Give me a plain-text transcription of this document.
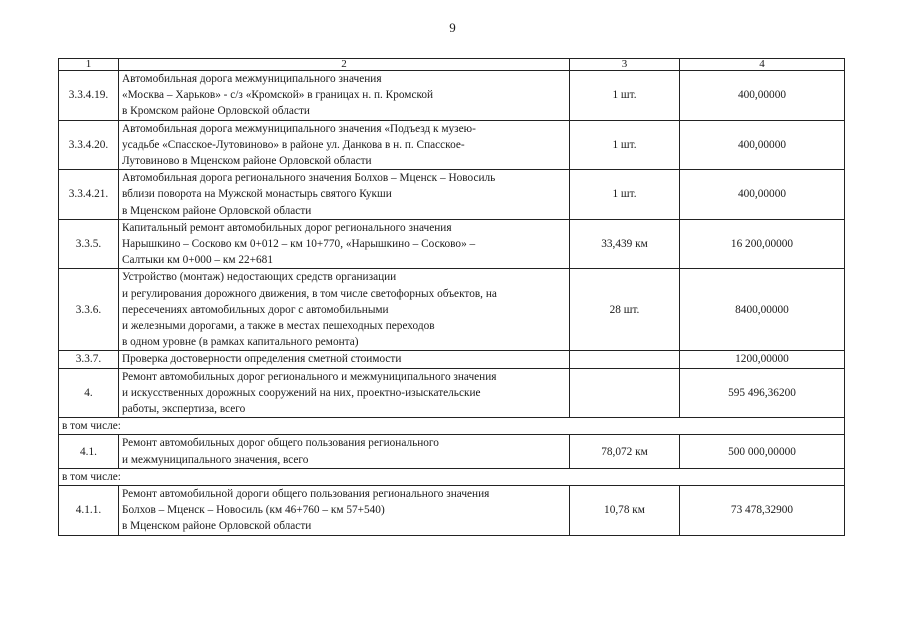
9
1	2	3	4
3.3.4.19.	Автомобильная дорога межмуниципального значения
«Москва – Харьков» - с/з «Кромской» в границах н. п. Кромской
в Кромском районе Орловской области	1 шт.	400,00000
3.3.4.20.	Автомобильная дорога межмуниципального значения «Подъезд к музею-
усадьбе «Спасское-Лутовиново» в районе ул. Данкова в н. п. Спасское-
Лутовиново в Мценском районе Орловской области	1 шт.	400,00000
3.3.4.21.	Автомобильная дорога регионального значения Болхов – Мценск – Новосиль
вблизи поворота на Мужской монастырь святого Кукши
в Мценском районе Орловской области	1 шт.	400,00000
3.3.5.	Капитальный ремонт автомобильных дорог регионального значения
Нарышкино – Сосково км 0+012 – км 10+770, «Нарышкино – Сосково» –
Салтыки км 0+000 – км 22+681	33,439 км	16 200,00000
3.3.6.	Устройство (монтаж) недостающих средств организации
и регулирования дорожного движения, в том числе светофорных объектов, на
пересечениях автомобильных дорог с автомобильными
и железными дорогами, а также в местах пешеходных переходов
в одном уровне (в рамках капитального ремонта)	28 шт.	8400,00000
3.3.7.	Проверка достоверности определения сметной стоимости		1200,00000
4.	Ремонт автомобильных дорог регионального и межмуниципального значения
и искусственных дорожных сооружений на них, проектно-изыскательские
работы, экспертиза, всего		595 496,36200
в том числе:			
4.1.	Ремонт автомобильных дорог общего пользования регионального
и межмуниципального значения, всего	78,072 км	500 000,00000
в том числе:			
4.1.1.	Ремонт автомобильной дороги общего пользования регионального значения
Болхов – Мценск – Новосиль (км 46+760 – км 57+540)
в Мценском районе Орловской области	10,78 км	73 478,32900
